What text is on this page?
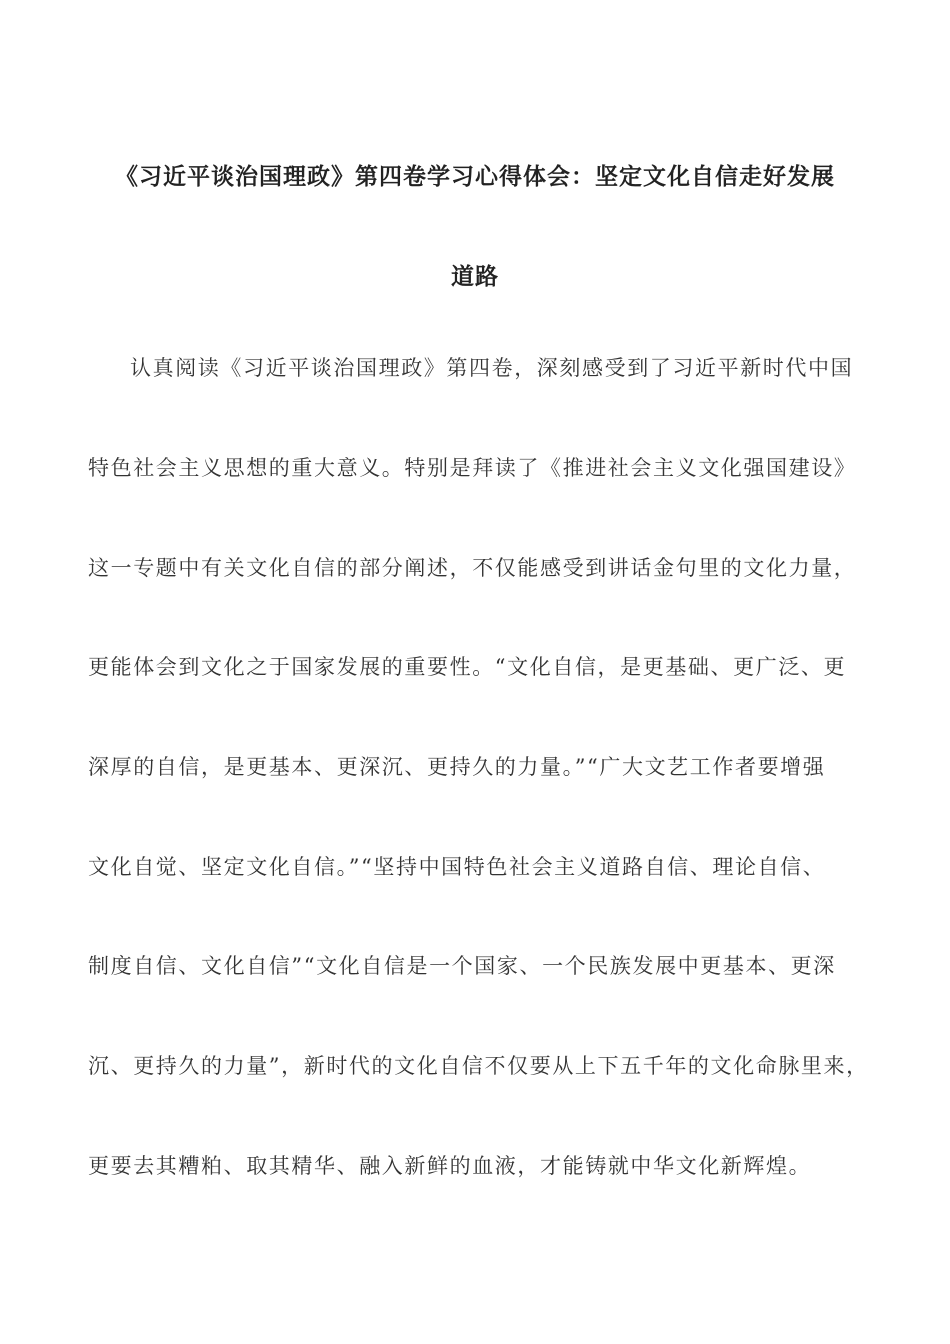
《习近平谈治国理政》第四卷学习心得体会：坚定文化自信走好发展
道路
认真阅读《习近平谈治国理政》第四卷，深刻感受到了习近平新时代中国
特色社会主义思想的重大意义。特别是拜读了《推进社会主义文化强国建设》
这一专题中有关文化自信的部分阐述，不仅能感受到讲话金句里的文化力量，
更能体会到文化之于国家发展的重要性。“文化自信，是更基础、更广泛、更
深厚的自信，是更基本、更深沉、更持久的力量。”“广大文艺工作者要增强
文化自觉、坚定文化自信。”“坚持中国特色社会主义道路自信、理论自信、
制度自信、文化自信”“文化自信是一个国家、一个民族发展中更基本、更深
沉、更持久的力量”，新时代的文化自信不仅要从上下五千年的文化命脉里来，
更要去其糟粕、取其精华、融入新鲜的血液，才能铸就中华文化新辉煌。
